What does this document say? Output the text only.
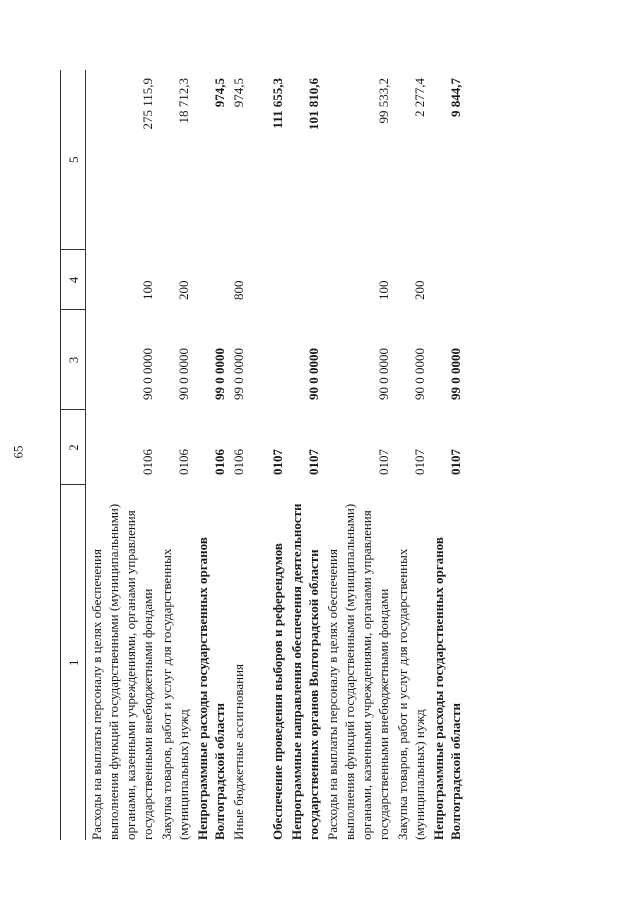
65
1	2	3	4	5
Расходы на выплаты персоналу в целях обеспечения выполнения функций государственными (муниципальными) органами, казенными учреждениями, органами управления государственными внебюджетными фондами	0106	90 0 0000	100	275 115,9
Закупка товаров, работ и услуг для государственных (муниципальных) нужд	0106	90 0 0000	200	18 712,3
Непрограммные расходы государственных органов Волгоградской области	0106	99 0 0000		974,5
Иные бюджетные ассигнования	0106	99 0 0000	800	974,5

Обеспечение проведения выборов и референдумов	0107			111 655,3
Непрограммные направления обеспечения деятельности государственных органов Волгоградской области	0107	90 0 0000		101 810,6
Расходы на выплаты персоналу в целях обеспечения выполнения функций государственными (муниципальными) органами, казенными учреждениями, органами управления государственными внебюджетными фондами	0107	90 0 0000	100	99 533,2
Закупка товаров, работ и услуг для государственных (муниципальных) нужд	0107	90 0 0000	200	2 277,4
Непрограммные расходы государственных органов Волгоградской области	0107	99 0 0000		9 844,7
